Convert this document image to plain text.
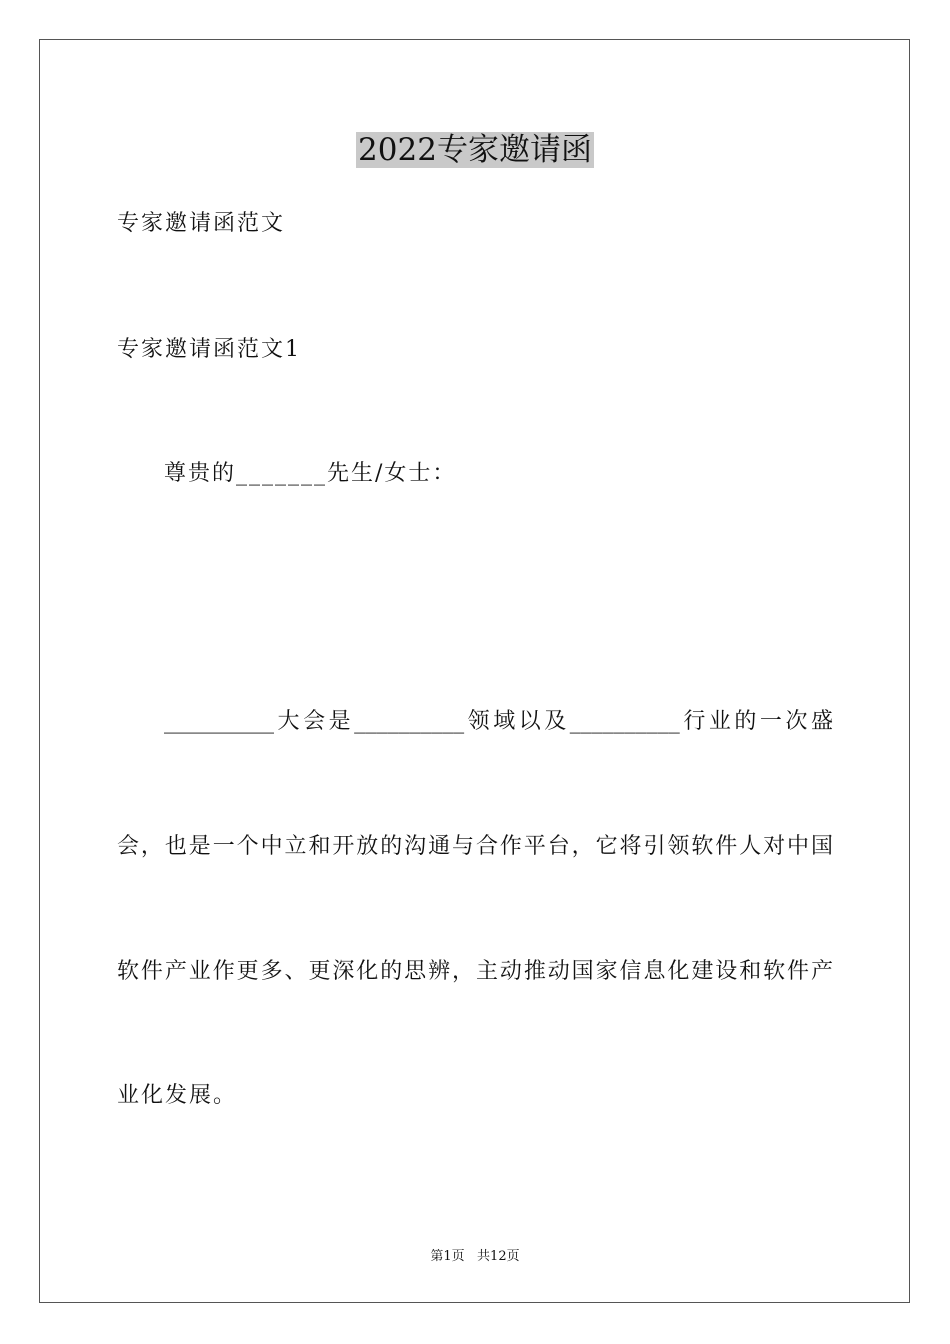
2022专家邀请函
专家邀请函范文
专家邀请函范文1
尊贵的_______先生/女士：
__________大会是__________领域以及__________行业的一次盛
会，也是一个中立和开放的沟通与合作平台，它将引领软件人对中国
软件产业作更多、更深化的思辨，主动推动国家信息化建设和软件产
业化发展。
第1页   共12页
